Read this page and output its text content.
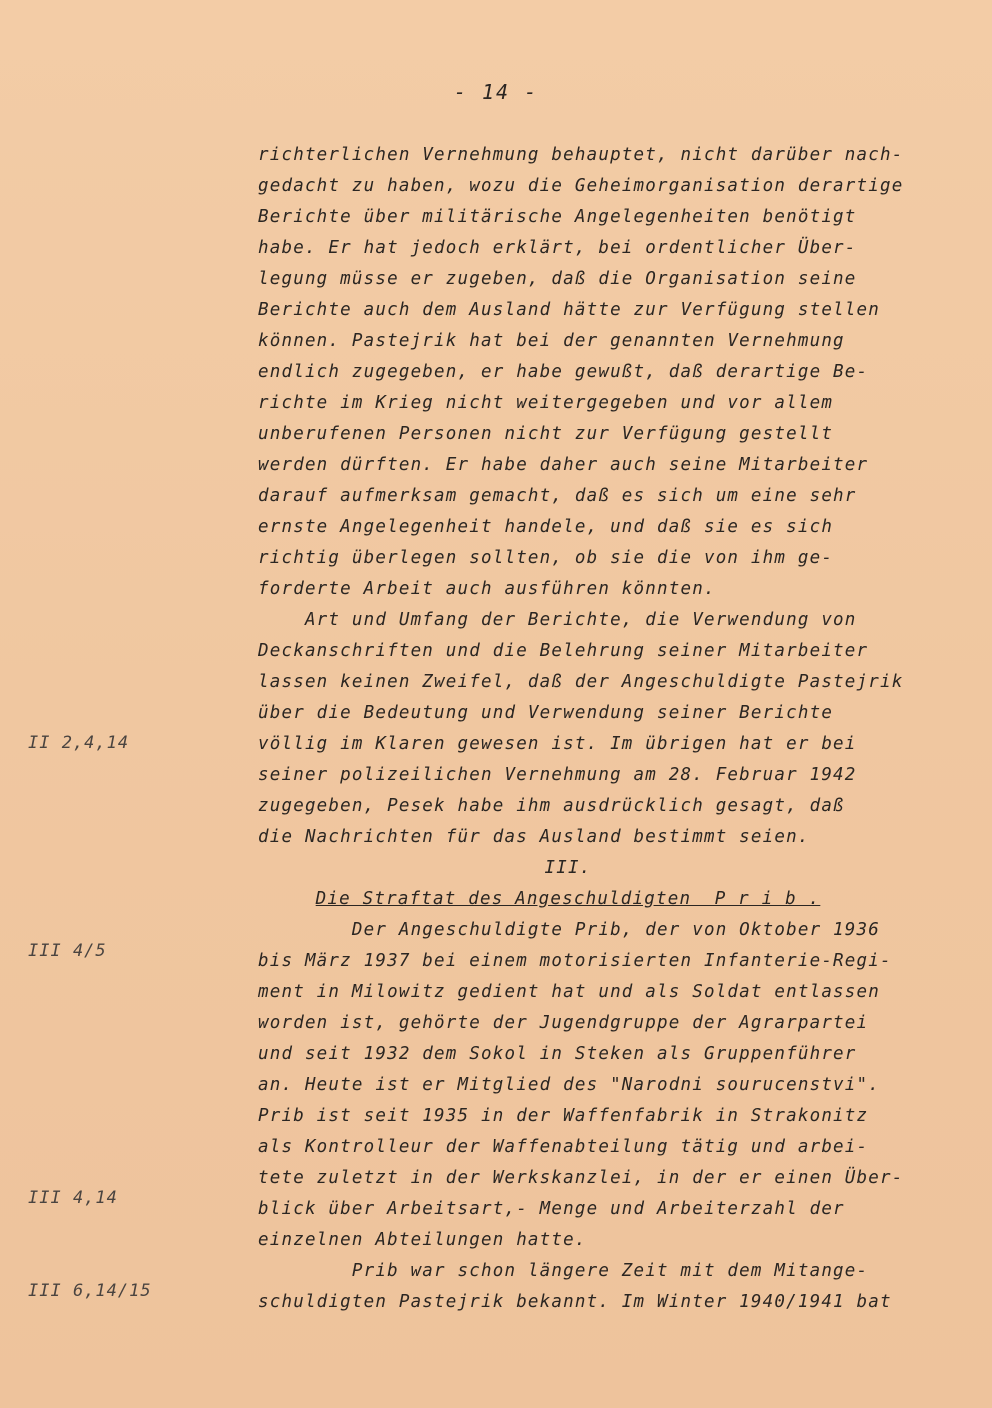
- 14 -
richterlichen Vernehmung behauptet, nicht darüber nach-
gedacht zu haben, wozu die Geheimorganisation derartige
Berichte über militärische Angelegenheiten benötigt
habe. Er hat jedoch erklärt, bei ordentlicher Über-
legung müsse er zugeben, daß die Organisation seine
Berichte auch dem Ausland hätte zur Verfügung stellen
können. Pastejrik hat bei der genannten Vernehmung
endlich zugegeben, er habe gewußt, daß derartige Be-
richte im Krieg nicht weitergegeben und vor allem
unberufenen Personen nicht zur Verfügung gestellt
werden dürften. Er habe daher auch seine Mitarbeiter
darauf aufmerksam gemacht, daß es sich um eine sehr
ernste Angelegenheit handele, und daß sie es sich
richtig überlegen sollten, ob sie die von ihm ge-
forderte Arbeit auch ausführen könnten.
Art und Umfang der Berichte, die Verwendung von
Deckanschriften und die Belehrung seiner Mitarbeiter
lassen keinen Zweifel, daß der Angeschuldigte Pastejrik
über die Bedeutung und Verwendung seiner Berichte
völlig im Klaren gewesen ist. Im übrigen hat er bei
seiner polizeilichen Vernehmung am 28. Februar 1942
zugegeben, Pesek habe ihm ausdrücklich gesagt, daß
die Nachrichten für das Ausland bestimmt seien.
III.
Die Straftat des Angeschuldigten  P r i b .
Der Angeschuldigte Prib, der von Oktober 1936
bis März 1937 bei einem motorisierten Infanterie-Regi-
ment in Milowitz gedient hat und als Soldat entlassen
worden ist, gehörte der Jugendgruppe der Agrarpartei
und seit 1932 dem Sokol in Steken als Gruppenführer
an. Heute ist er Mitglied des "Narodni sourucenstvi".
Prib ist seit 1935 in der Waffenfabrik in Strakonitz
als Kontrolleur der Waffenabteilung tätig und arbei-
tete zuletzt in der Werkskanzlei, in der er einen Über-
blick über Arbeitsart,- Menge und Arbeiterzahl der
einzelnen Abteilungen hatte.
Prib war schon längere Zeit mit dem Mitange-
schuldigten Pastejrik bekannt. Im Winter 1940/1941 bat
II 2,4,14
III 4/5
III 4,14
III 6,14/15
